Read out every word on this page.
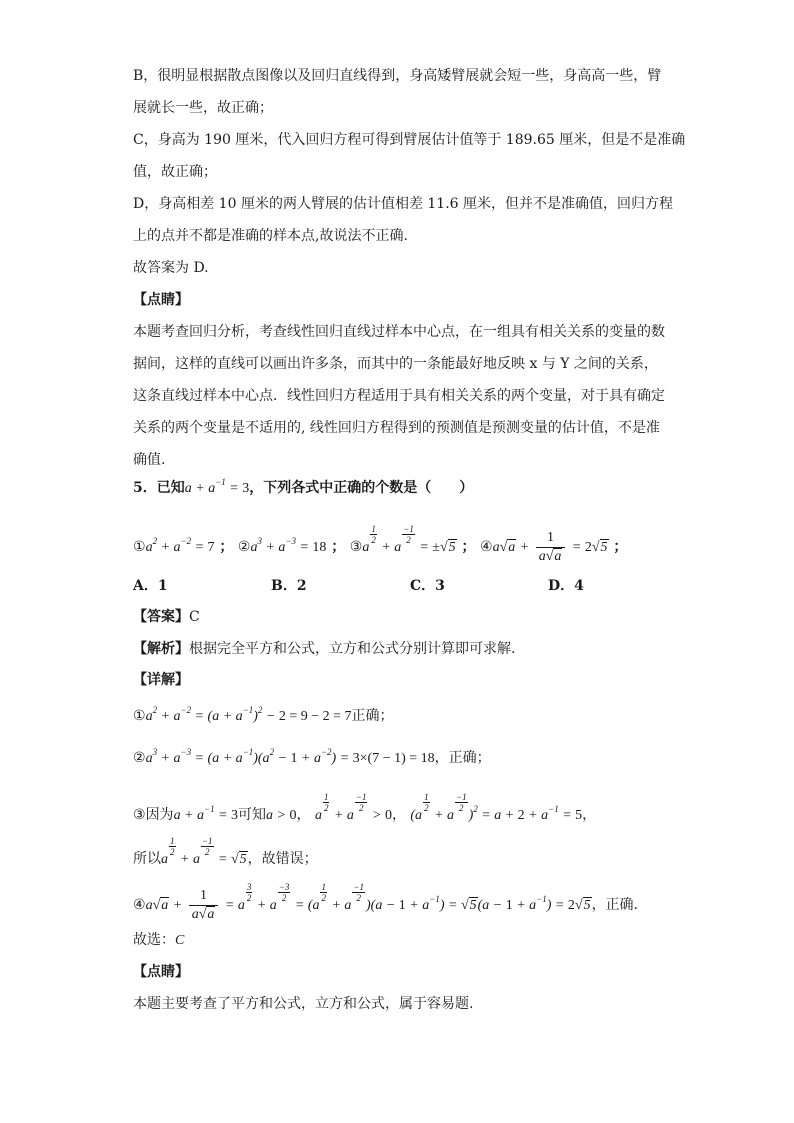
B，很明显根据散点图像以及回归直线得到，身高矮臂展就会短一些，身高高一些，臂
展就长一些，故正确；
C，身高为 190 厘米，代入回归方程可得到臂展估计值等于 189.65 厘米，但是不是准确
值，故正确；
D，身高相差 10 厘米的两人臂展的估计值相差 11.6 厘米，但并不是准确值，回归方程
上的点并不都是准确的样本点,故说法不正确.
故答案为 D.
【点睛】
本题考查回归分析，考查线性回归直线过样本中心点，在一组具有相关关系的变量的数
据间，这样的直线可以画出许多条，而其中的一条能最好地反映 x 与 Y 之间的关系，
这条直线过样本中心点．线性回归方程适用于具有相关关系的两个变量，对于具有确定
关系的两个变量是不适用的, 线性回归方程得到的预测值是预测变量的估计值，不是准
确值.
5．已知$a + a^{-1} = 3$，下列各式中正确的个数是（　　）
$①a^2 + a^{-2} = 7$ ； $②a^3 + a^{-3} = 18$ ； ③a
$\frac{1}{2}$
+ a
$\frac{-1}{2}$
= ±√5 ； ④a√a + $\frac{1}{a√a} = 2√5$ ；
A．1	B．2	C．3	D．4
【答案】C
【解析】根据完全平方和公式，立方和公式分别计算即可求解.
【详解】
$①a^2 + a^{-2} = (a + a^{-1})^2 - 2 = 9 - 2 = 7$正确；
$②a^3 + a^{-3} = (a + a^{-1})(a^2 - 1 + a^{-2}) = 3\times(7 - 1) = 18$，正确；
③因为$a + a^{-1} = 3$可知a > 0， a
$\frac{1}{2}$
+ a
$\frac{-1}{2}$
> 0， (a
$\frac{1}{2}$
+ a
$\frac{-1}{2}$
)$^2 = a + 2 + a^{-1} = 5$，
所以a
$\frac{1}{2}$
+ a
$\frac{-1}{2}$
= √5，故错误；
④a√a + $\frac{1}{a√a} = a$
$\frac{3}{2}$
+ a
$\frac{-3}{2}$
= (a
$\frac{1}{2}$
+ a
$\frac{-1}{2}$
)$(a - 1 + a^{-1}) = √5(a - 1 + a^{-1}) = 2√5$，正确.
故选：C
【点睛】
本题主要考查了平方和公式，立方和公式，属于容易题.
